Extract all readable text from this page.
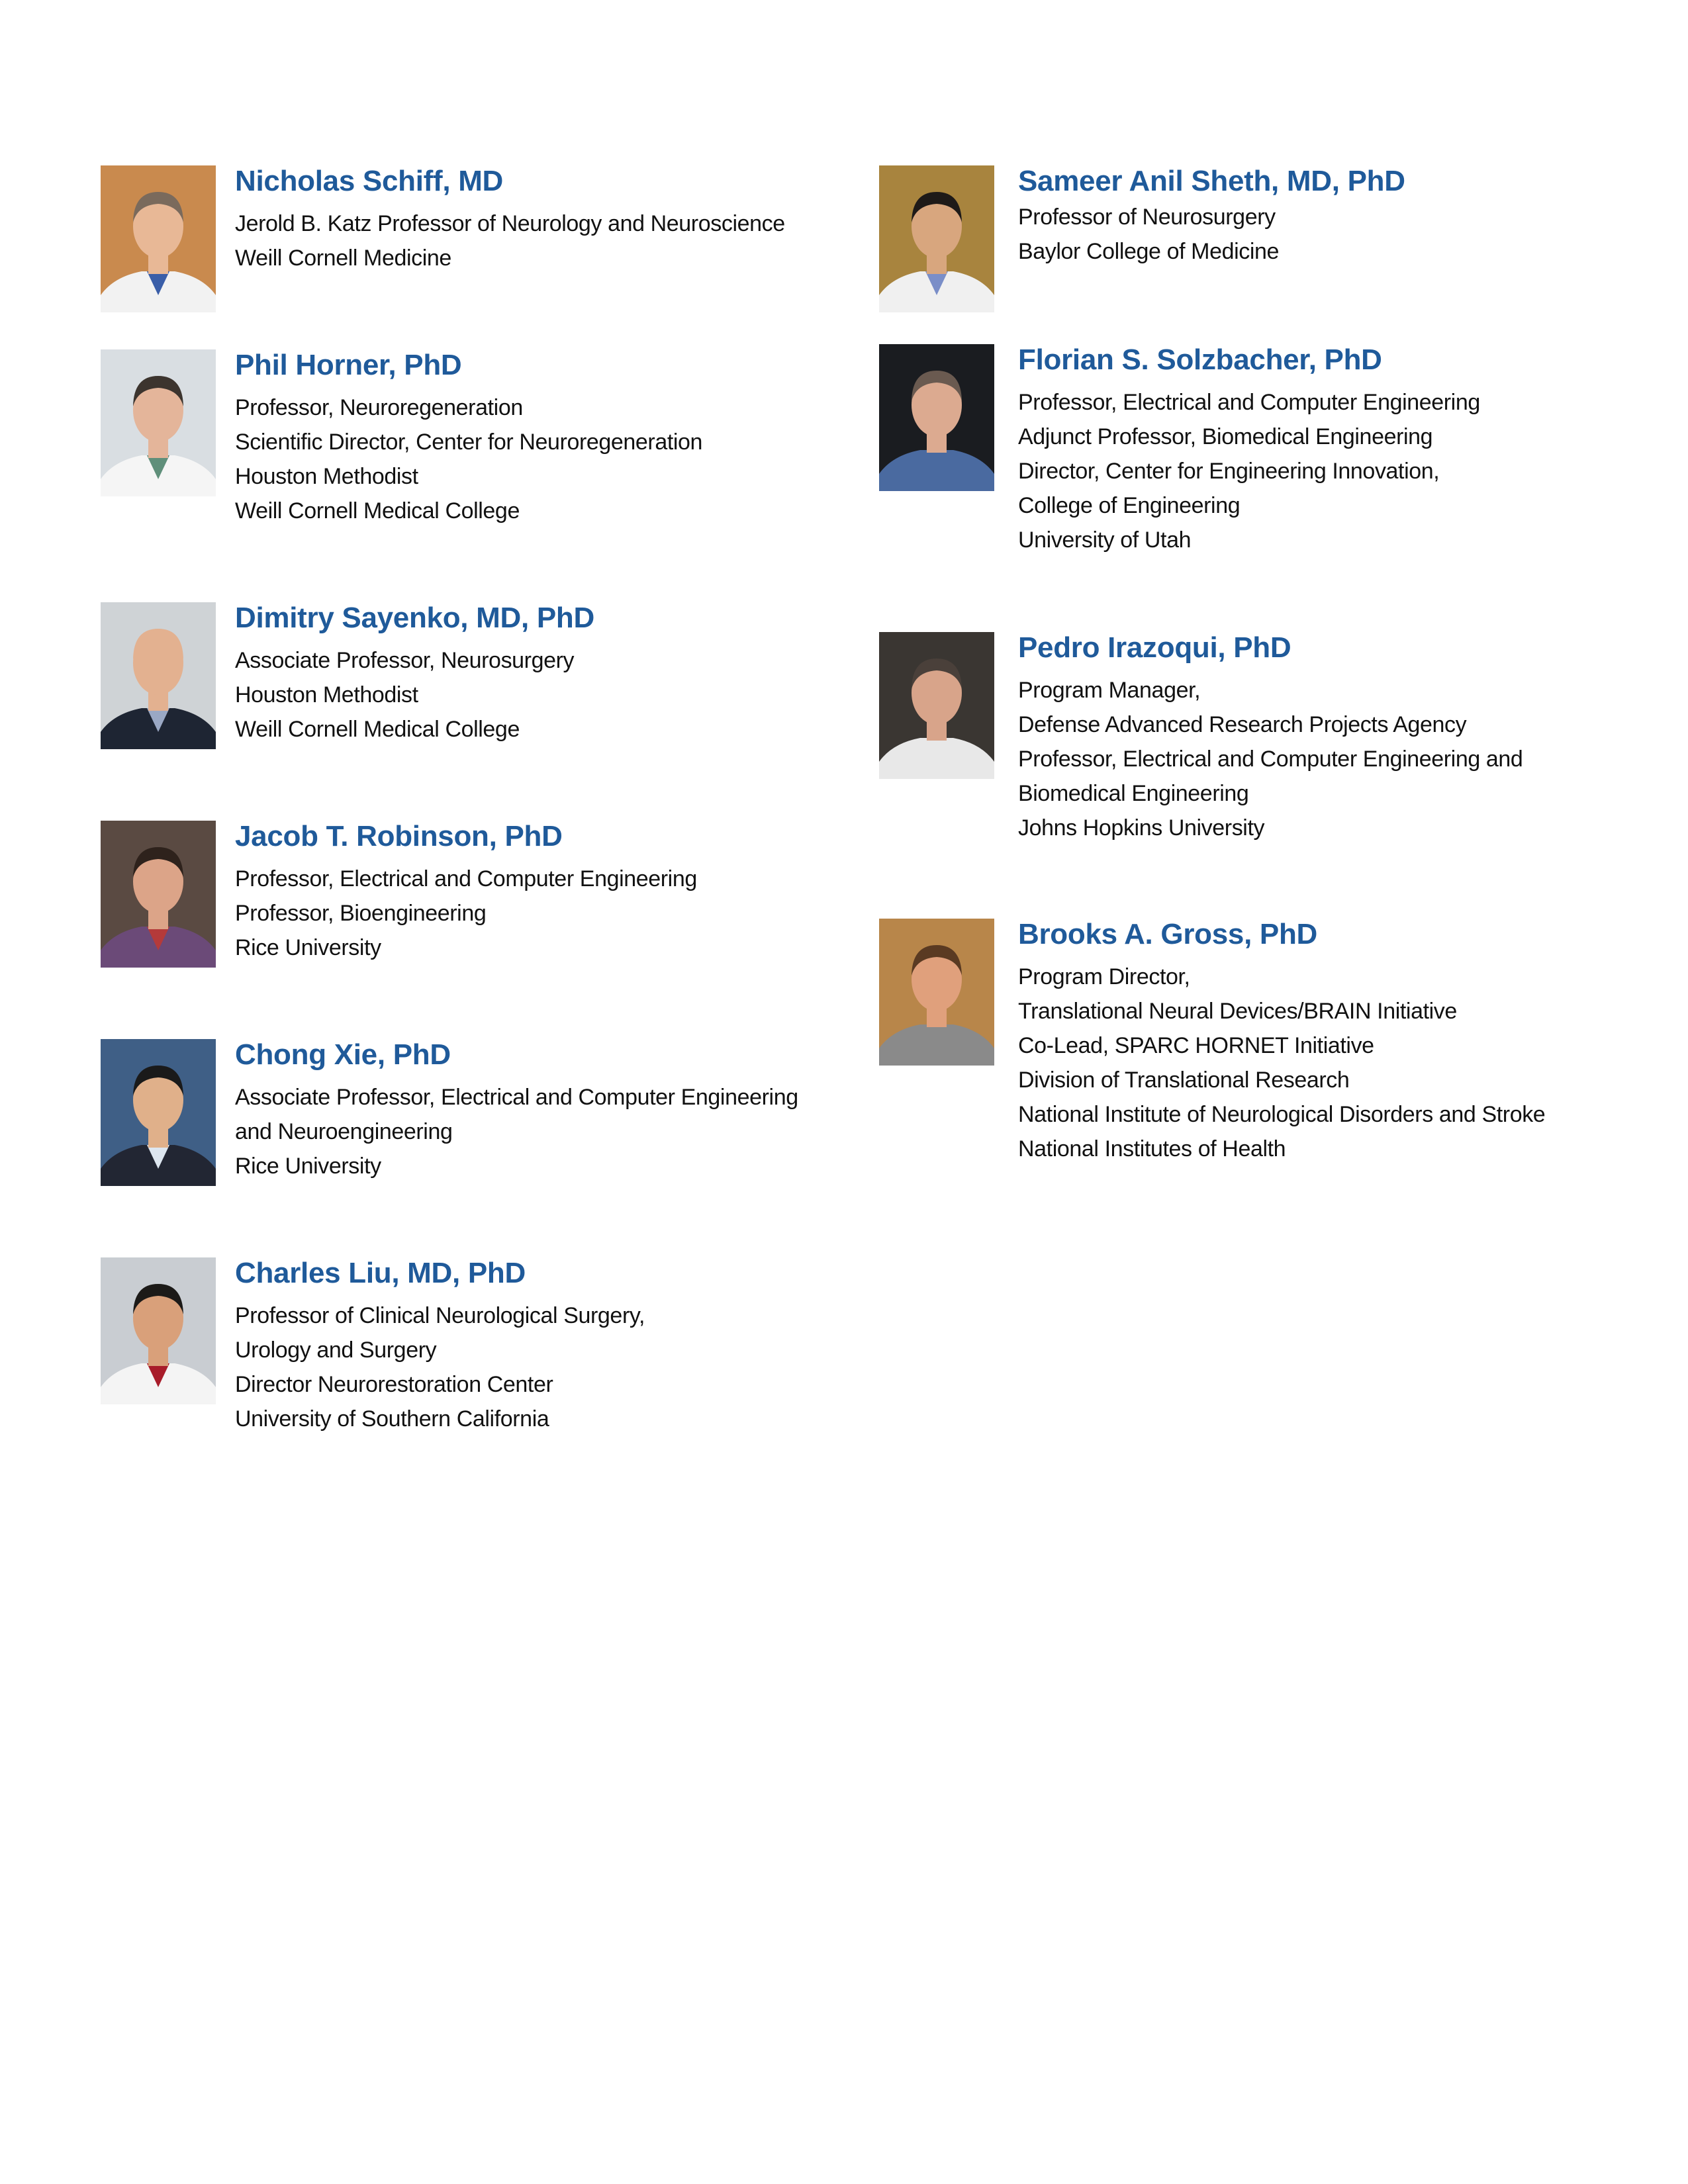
Nicholas Schiff, MD
Jerold B. Katz Professor of Neurology and Neuroscience
Weill Cornell Medicine
Phil Horner, PhD
Professor, Neuroregeneration
Scientific Director, Center for Neuroregeneration
Houston Methodist
Weill Cornell Medical College
Dimitry Sayenko, MD, PhD
Associate Professor, Neurosurgery
Houston Methodist
Weill Cornell Medical College
Jacob T. Robinson, PhD
Professor, Electrical and Computer Engineering
Professor, Bioengineering
Rice University
Chong Xie, PhD
Associate Professor, Electrical and Computer Engineering
and Neuroengineering
Rice University
Charles Liu, MD, PhD
Professor of Clinical Neurological Surgery,
Urology and Surgery
Director Neurorestoration Center
University of Southern California
Sameer Anil Sheth, MD, PhD
Professor of Neurosurgery
Baylor College of Medicine
Florian S. Solzbacher, PhD
Professor, Electrical and Computer Engineering
Adjunct Professor, Biomedical Engineering
Director, Center for Engineering Innovation,
College of Engineering
University of Utah
Pedro Irazoqui, PhD
Program Manager,
Defense Advanced Research Projects Agency
Professor, Electrical and Computer Engineering and
Biomedical Engineering
Johns Hopkins University
Brooks A. Gross, PhD
Program Director,
Translational Neural Devices/BRAIN Initiative
Co-Lead, SPARC HORNET Initiative
Division of Translational Research
National Institute of Neurological Disorders and Stroke
National Institutes of Health
